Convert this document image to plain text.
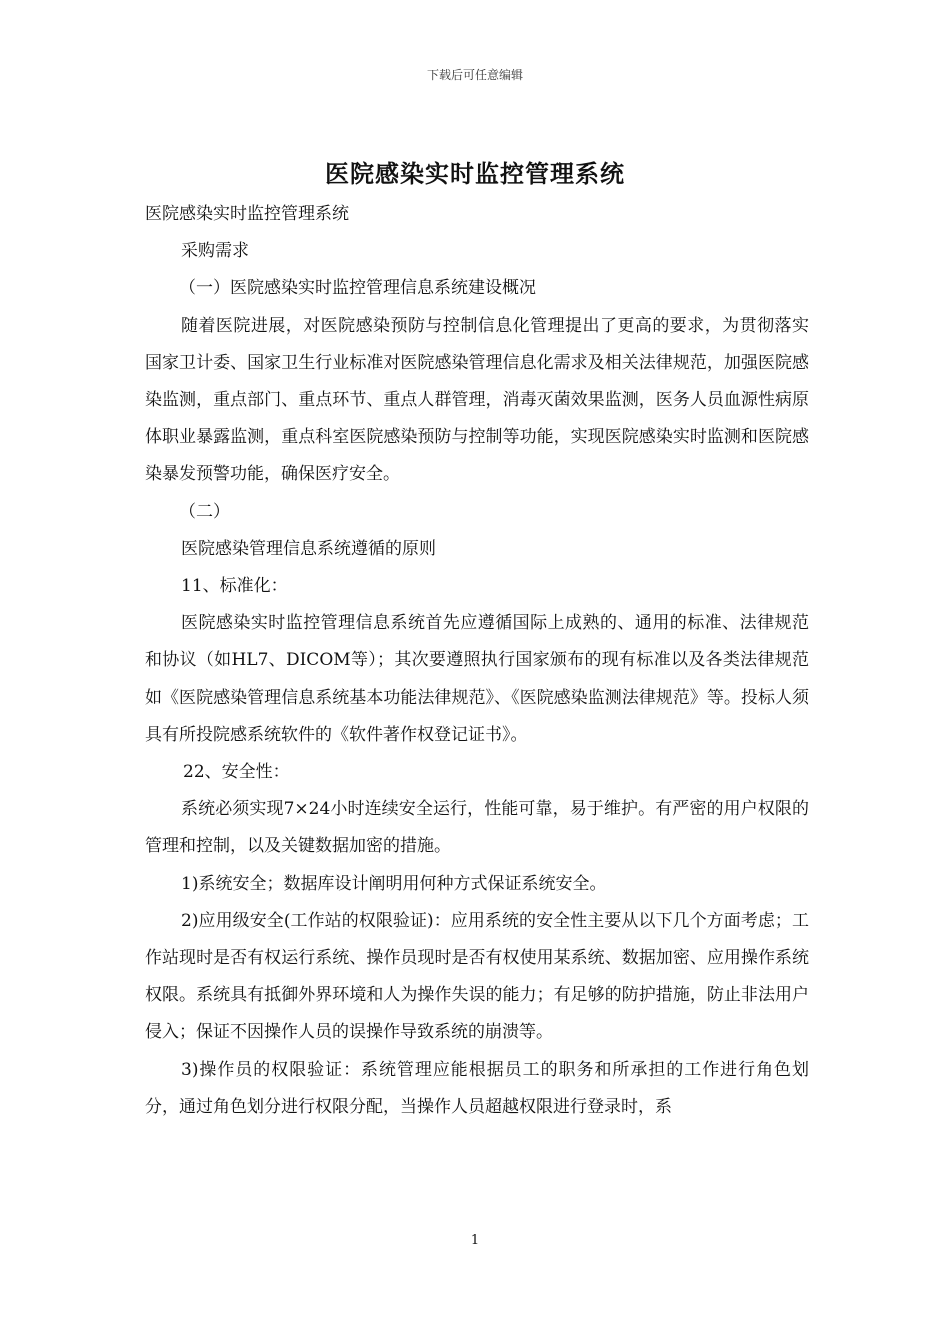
下载后可任意编辑
医院感染实时监控管理系统

医院感染实时监控管理系统

采购需求

（一）医院感染实时监控管理信息系统建设概况

随着医院进展，对医院感染预防与控制信息化管理提出了更高的要求，为贯彻落实国家卫计委、国家卫生行业标准对医院感染管理信息化需求及相关法律规范，加强医院感染监测，重点部门、重点环节、重点人群管理，消毒灭菌效果监测，医务人员血源性病原体职业暴露监测，重点科室医院感染预防与控制等功能，实现医院感染实时监测和医院感染暴发预警功能，确保医疗安全。

（二）

医院感染管理信息系统遵循的原则

11、标准化：

医院感染实时监控管理信息系统首先应遵循国际上成熟的、通用的标准、法律规范和协议（如HL7、DICOM等）；其次要遵照执行国家颁布的现有标准以及各类法律规范如《医院感染管理信息系统基本功能法律规范》、《医院感染监测法律规范》等。投标人须具有所投院感系统软件的《软件著作权登记证书》。

22、安全性：

系统必须实现7×24小时连续安全运行，性能可靠，易于维护。有严密的用户权限的管理和控制，以及关键数据加密的措施。

1)系统安全；数据库设计阐明用何种方式保证系统安全。

2)应用级安全(工作站的权限验证)：应用系统的安全性主要从以下几个方面考虑；工作站现时是否有权运行系统、操作员现时是否有权使用某系统、数据加密、应用操作系统权限。系统具有抵御外界环境和人为操作失误的能力；有足够的防护措施，防止非法用户侵入；保证不因操作人员的误操作导致系统的崩溃等。

3)操作员的权限验证：系统管理应能根据员工的职务和所承担的工作进行角色划分，通过角色划分进行权限分配，当操作人员超越权限进行登录时，系

1
